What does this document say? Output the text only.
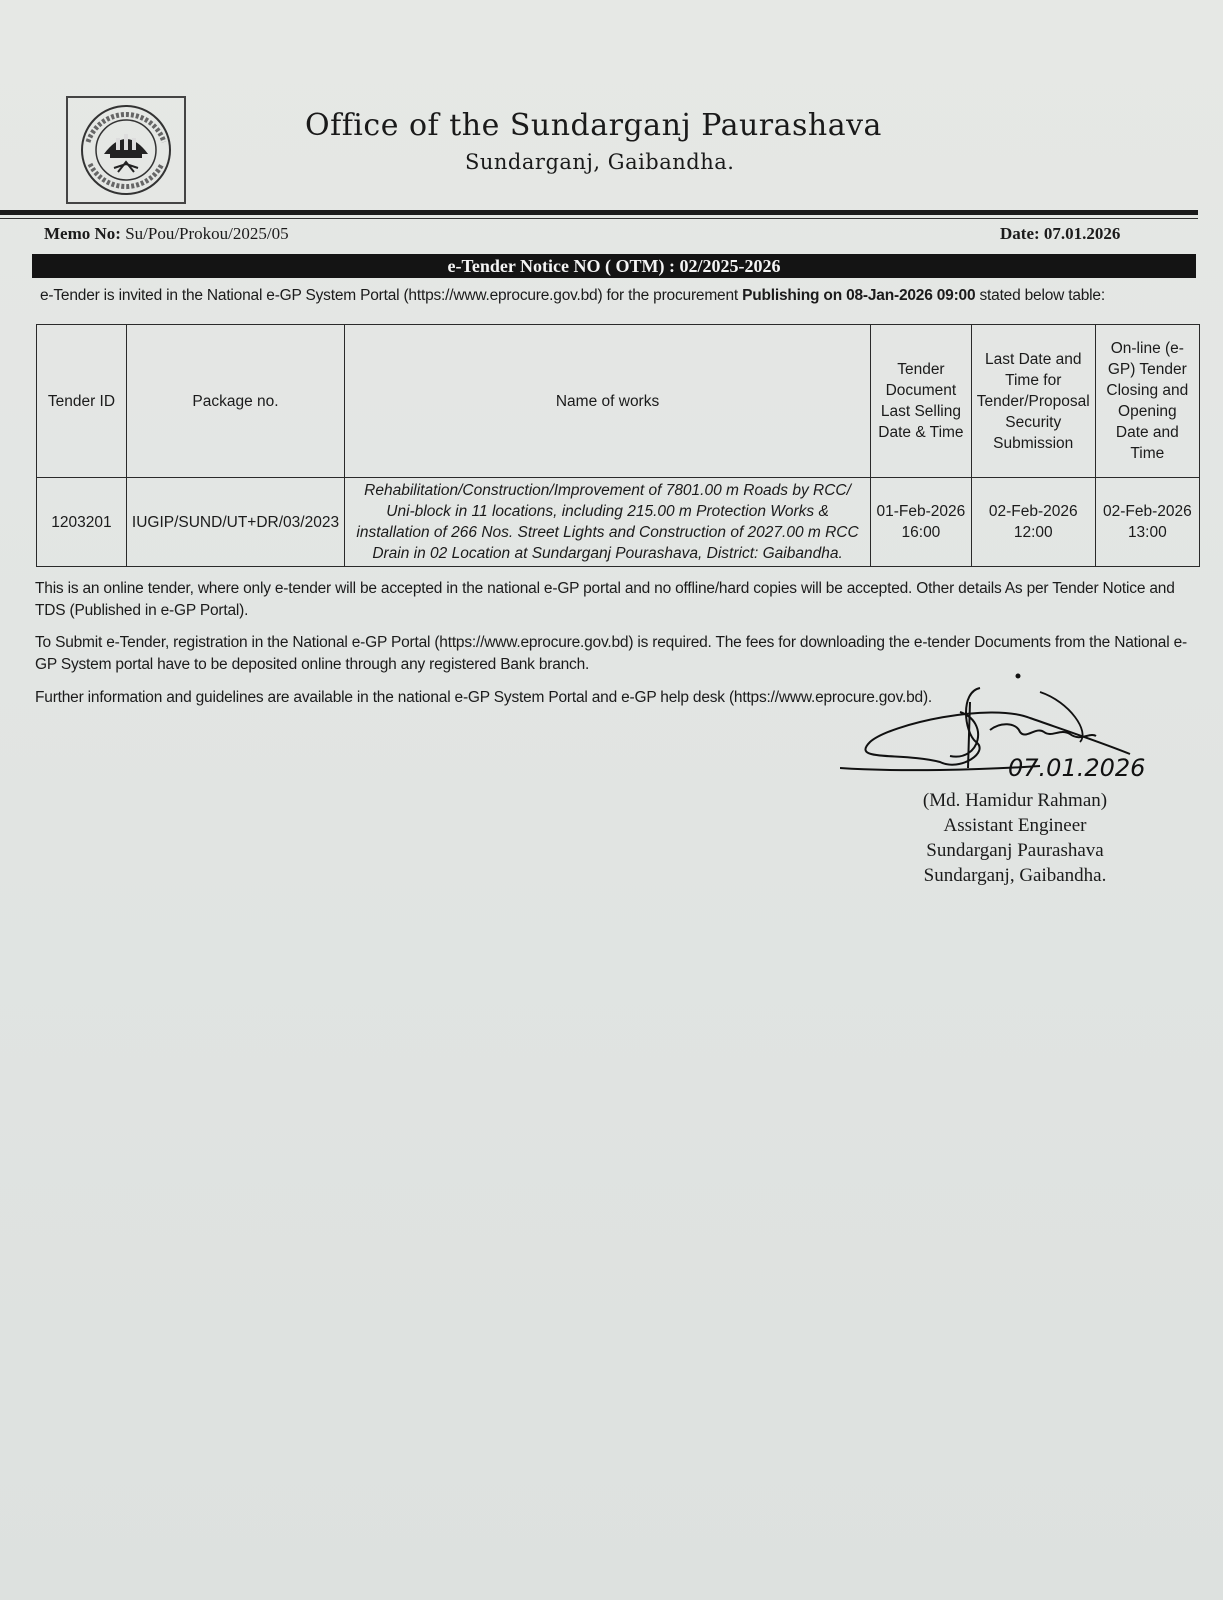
Office of the Sundarganj Paurashava
Sundarganj, Gaibandha.
Memo No: Su/Pou/Prokou/2025/05	Date: 07.01.2026
e-Tender Notice NO ( OTM) : 02/2025-2026
e-Tender is invited in the National e-GP System Portal (https://www.eprocure.gov.bd) for the procurement Publishing on 08-Jan-2026 09:00 stated below table:
Tender ID	Package no.	Name of works	Tender Document Last Selling Date & Time	Last Date and Time for Tender/Proposal Security Submission	On-line (e-GP) Tender Closing and Opening Date and Time
1203201	IUGIP/SUND/UT+DR/03/2023	Rehabilitation/Construction/Improvement of 7801.00 m Roads by RCC/ Uni-block in 11 locations, including 215.00 m Protection Works & installation of 266 Nos. Street Lights and Construction of 2027.00 m RCC Drain in 02 Location at Sundarganj Pourashava, District: Gaibandha.	01-Feb-2026 16:00	02-Feb-2026 12:00	02-Feb-2026 13:00
This is an online tender, where only e-tender will be accepted in the national e-GP portal and no offline/hard copies will be accepted. Other details As per Tender Notice and TDS (Published in e-GP Portal).
To Submit e-Tender, registration in the National e-GP Portal (https://www.eprocure.gov.bd) is required. The fees for downloading the e-tender Documents from the National e-GP System portal have to be deposited online through any registered Bank branch.
Further information and guidelines are available in the national e-GP System Portal and e-GP help desk (https://www.eprocure.gov.bd).
07.01.2026
(Md. Hamidur Rahman)
Assistant Engineer
Sundarganj Paurashava
Sundarganj, Gaibandha.
